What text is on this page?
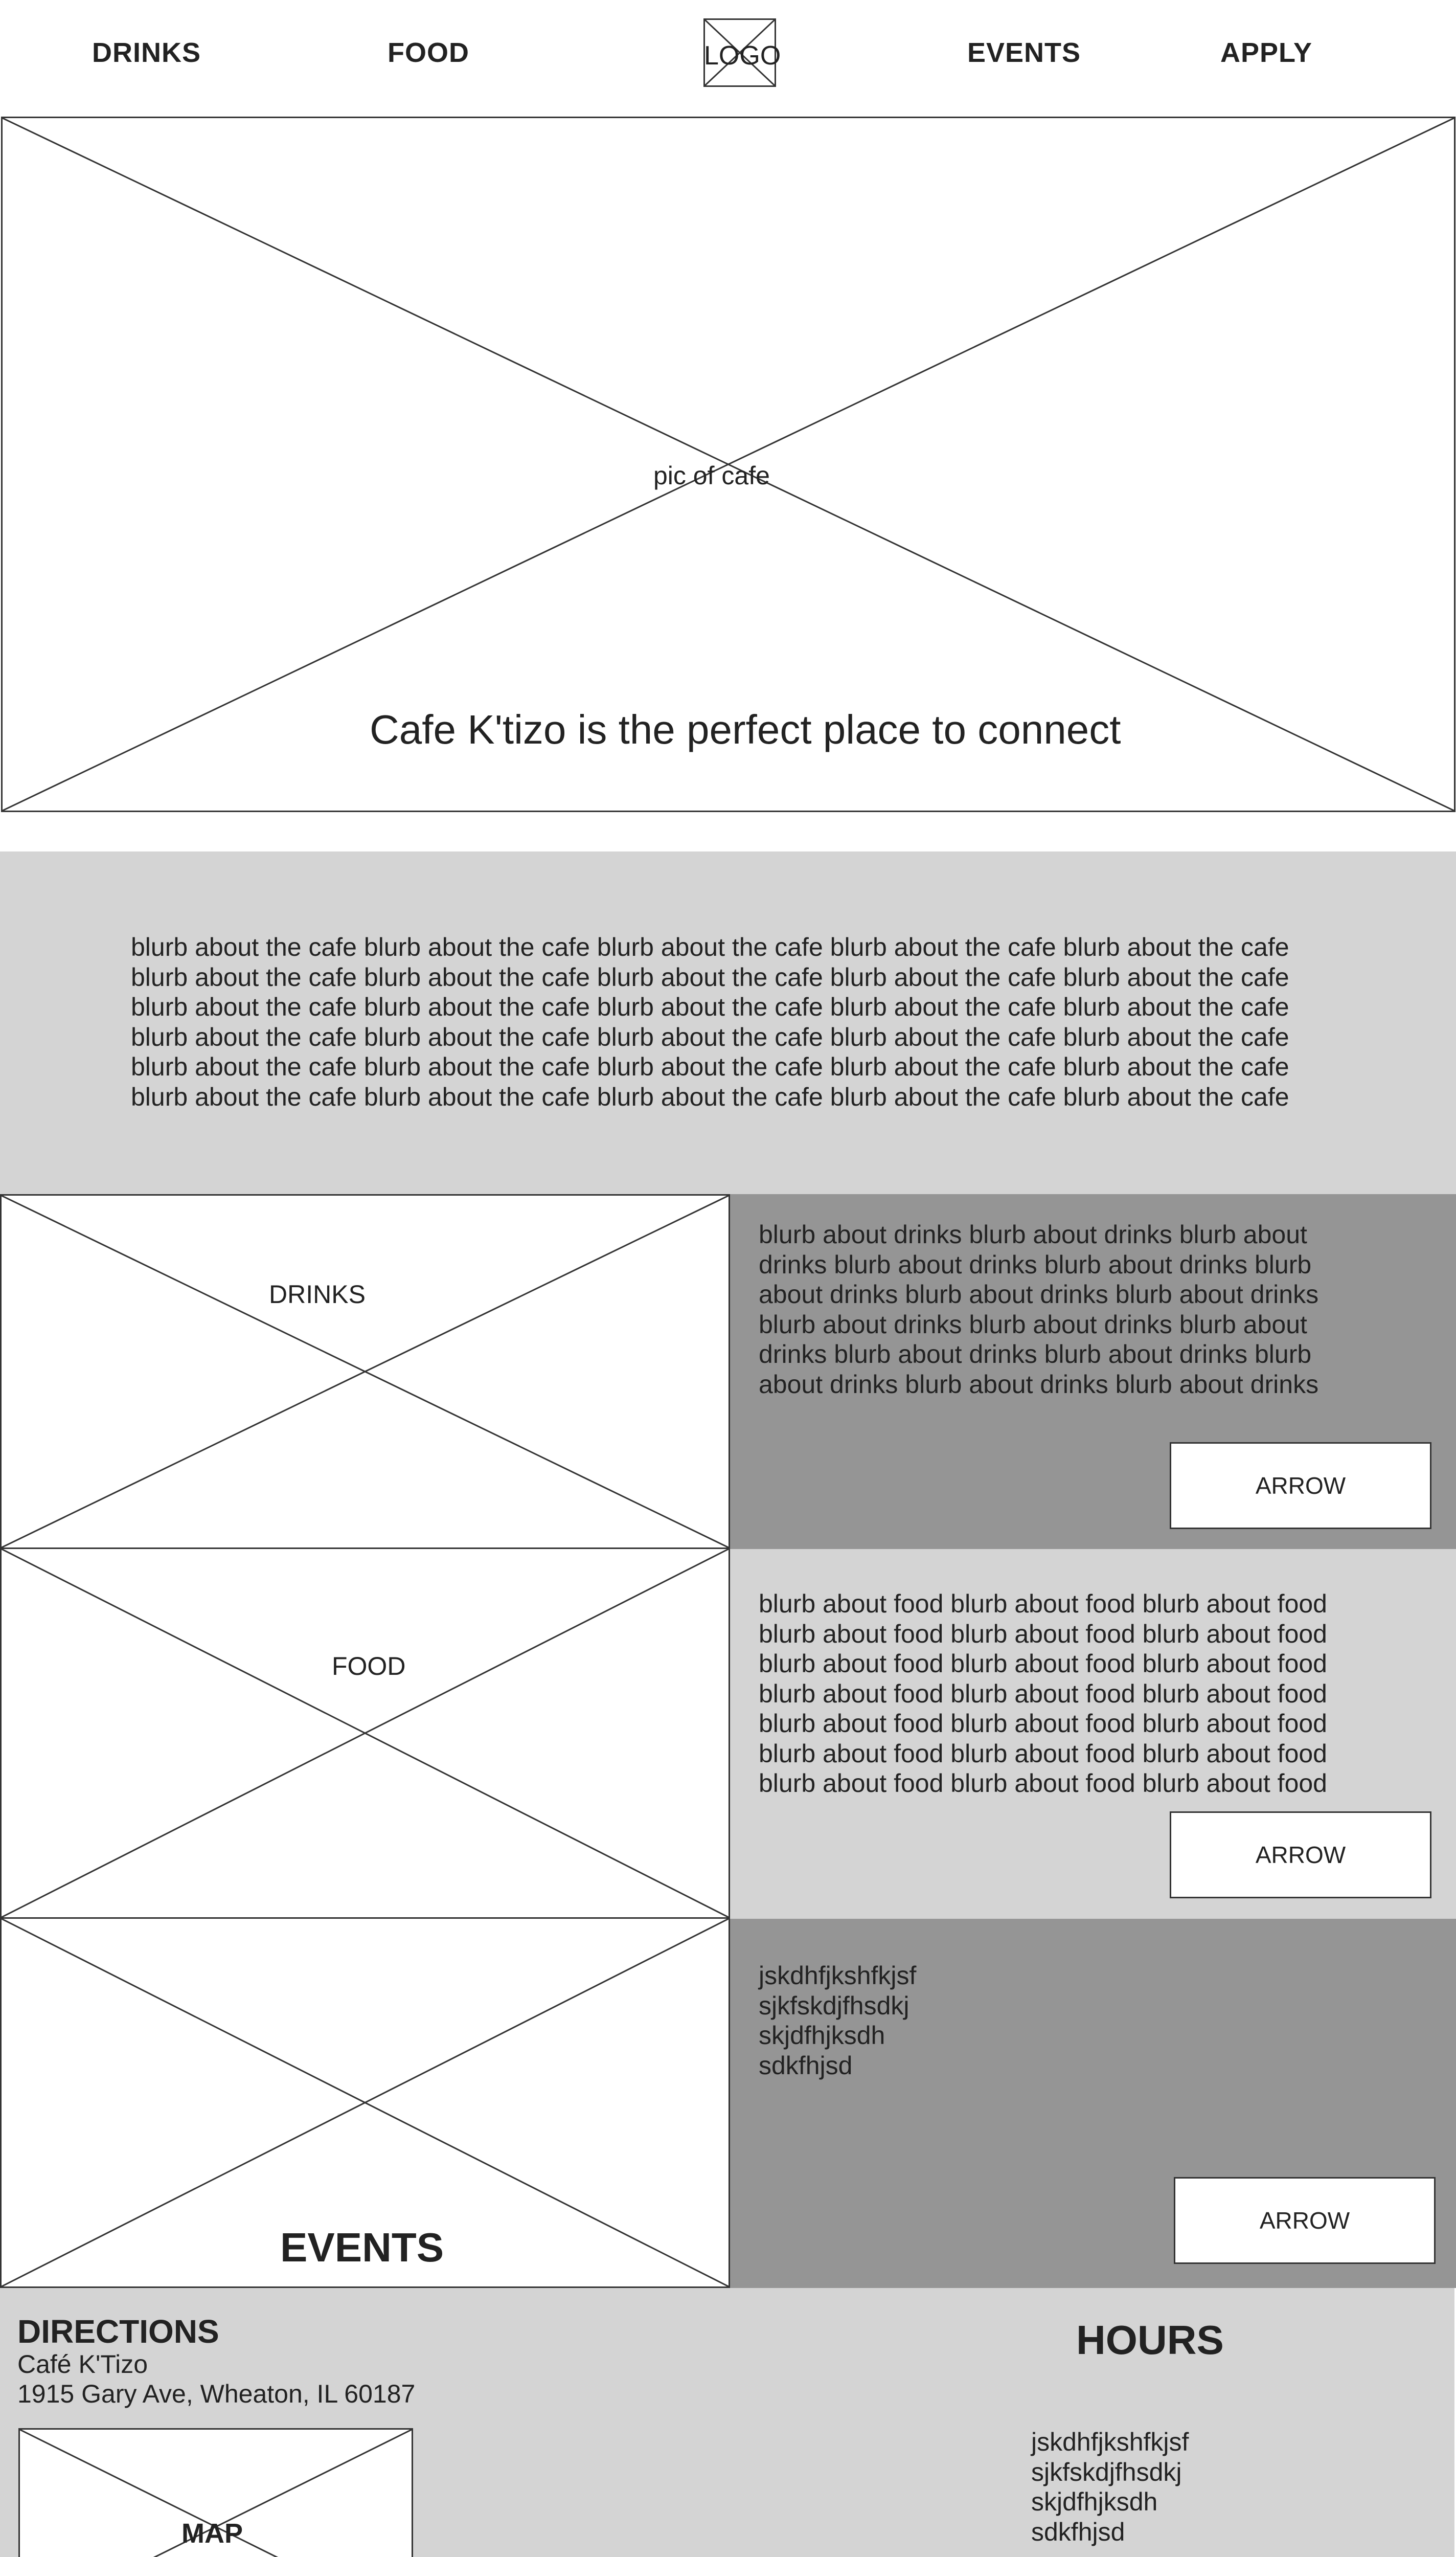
DRINKS	FOOD	LOGO	EVENTS	APPLY
pic of cafe
Cafe K'tizo is the perfect place to connect
blurb about the cafe blurb about the cafe blurb about the cafe blurb about the cafe blurb about the cafe
blurb about the cafe blurb about the cafe blurb about the cafe blurb about the cafe blurb about the cafe
blurb about the cafe blurb about the cafe blurb about the cafe blurb about the cafe blurb about the cafe
blurb about the cafe blurb about the cafe blurb about the cafe blurb about the cafe blurb about the cafe
blurb about the cafe blurb about the cafe blurb about the cafe blurb about the cafe blurb about the cafe
blurb about the cafe blurb about the cafe blurb about the cafe blurb about the cafe blurb about the cafe
DRINKS
blurb about drinks blurb about drinks blurb about
drinks blurb about drinks blurb about drinks blurb
about drinks blurb about drinks blurb about drinks
blurb about drinks blurb about drinks blurb about
drinks blurb about drinks blurb about drinks blurb
about drinks blurb about drinks blurb about drinks
ARROW
FOOD
blurb about food blurb about food blurb about food
blurb about food blurb about food blurb about food
blurb about food blurb about food blurb about food
blurb about food blurb about food blurb about food
blurb about food blurb about food blurb about food
blurb about food blurb about food blurb about food
blurb about food blurb about food blurb about food
ARROW
EVENTS
jskdhfjkshfkjsf
sjkfskdjfhsdkj
skjdfhjksdh
sdkfhjsd
ARROW
DIRECTIONS
Café K'Tizo
1915 Gary Ave, Wheaton, IL 60187
MAP
HOURS
jskdhfjkshfkjsf
sjkfskdjfhsdkj
skjdfhjksdh
sdkfhjsd
